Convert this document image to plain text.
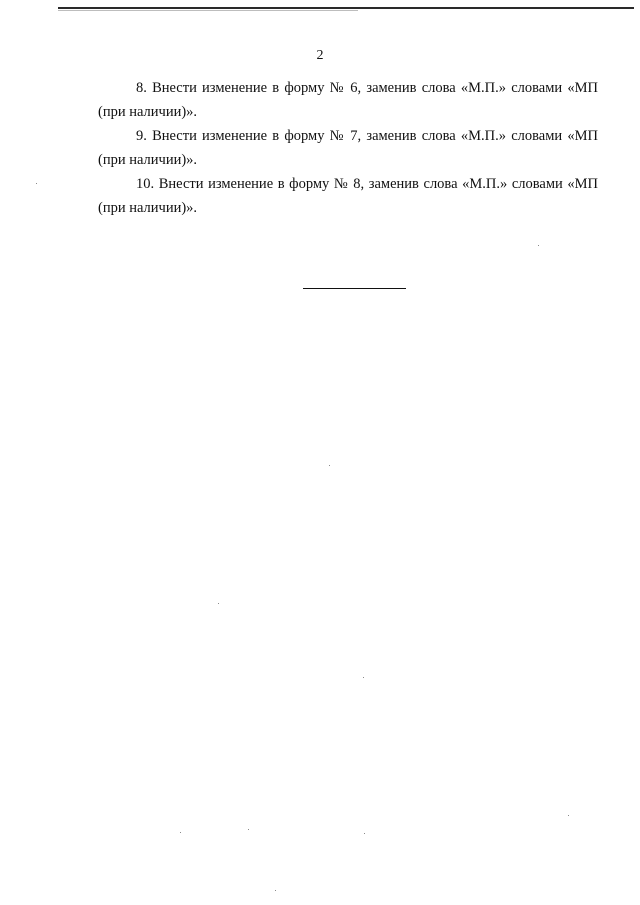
2

8. Внести изменение в форму № 6, заменив слова «М.П.» словами «МП (при наличии)».

9. Внести изменение в форму № 7, заменив слова «М.П.» словами «МП (при наличии)».

10. Внести изменение в форму № 8, заменив слова «М.П.» словами «МП (при наличии)».
